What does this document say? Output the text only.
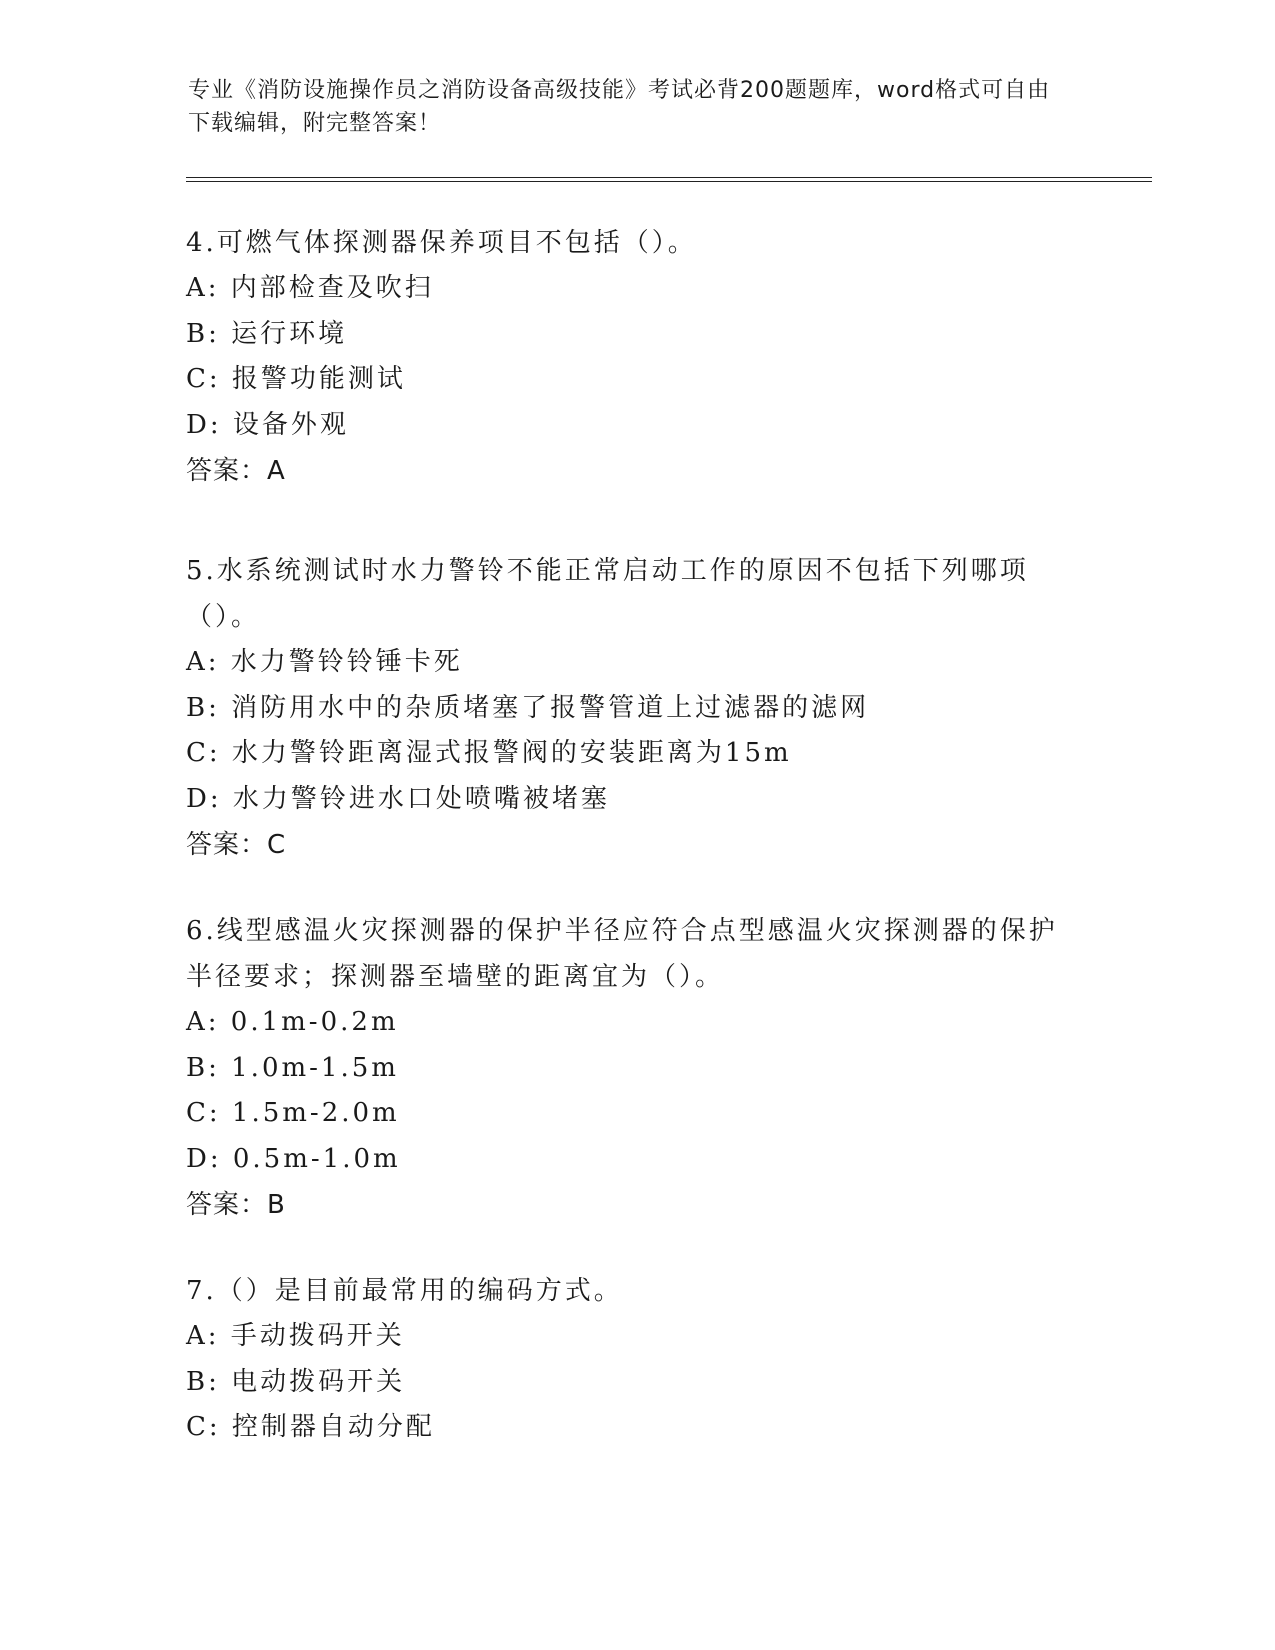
专业《消防设施操作员之消防设备高级技能》考试必背200题题库，word格式可自由下载编辑，附完整答案！
4.可燃气体探测器保养项目不包括（）。
A: 内部检查及吹扫
B: 运行环境
C: 报警功能测试
D: 设备外观
答案：A
5.水系统测试时水力警铃不能正常启动工作的原因不包括下列哪项（）。
A: 水力警铃铃锤卡死
B: 消防用水中的杂质堵塞了报警管道上过滤器的滤网
C: 水力警铃距离湿式报警阀的安装距离为15m
D: 水力警铃进水口处喷嘴被堵塞
答案：C
6.线型感温火灾探测器的保护半径应符合点型感温火灾探测器的保护半径要求；探测器至墙壁的距离宜为（）。
A: 0.1m-0.2m
B: 1.0m-1.5m
C: 1.5m-2.0m
D: 0.5m-1.0m
答案：B
7.（）是目前最常用的编码方式。
A: 手动拨码开关
B: 电动拨码开关
C: 控制器自动分配
